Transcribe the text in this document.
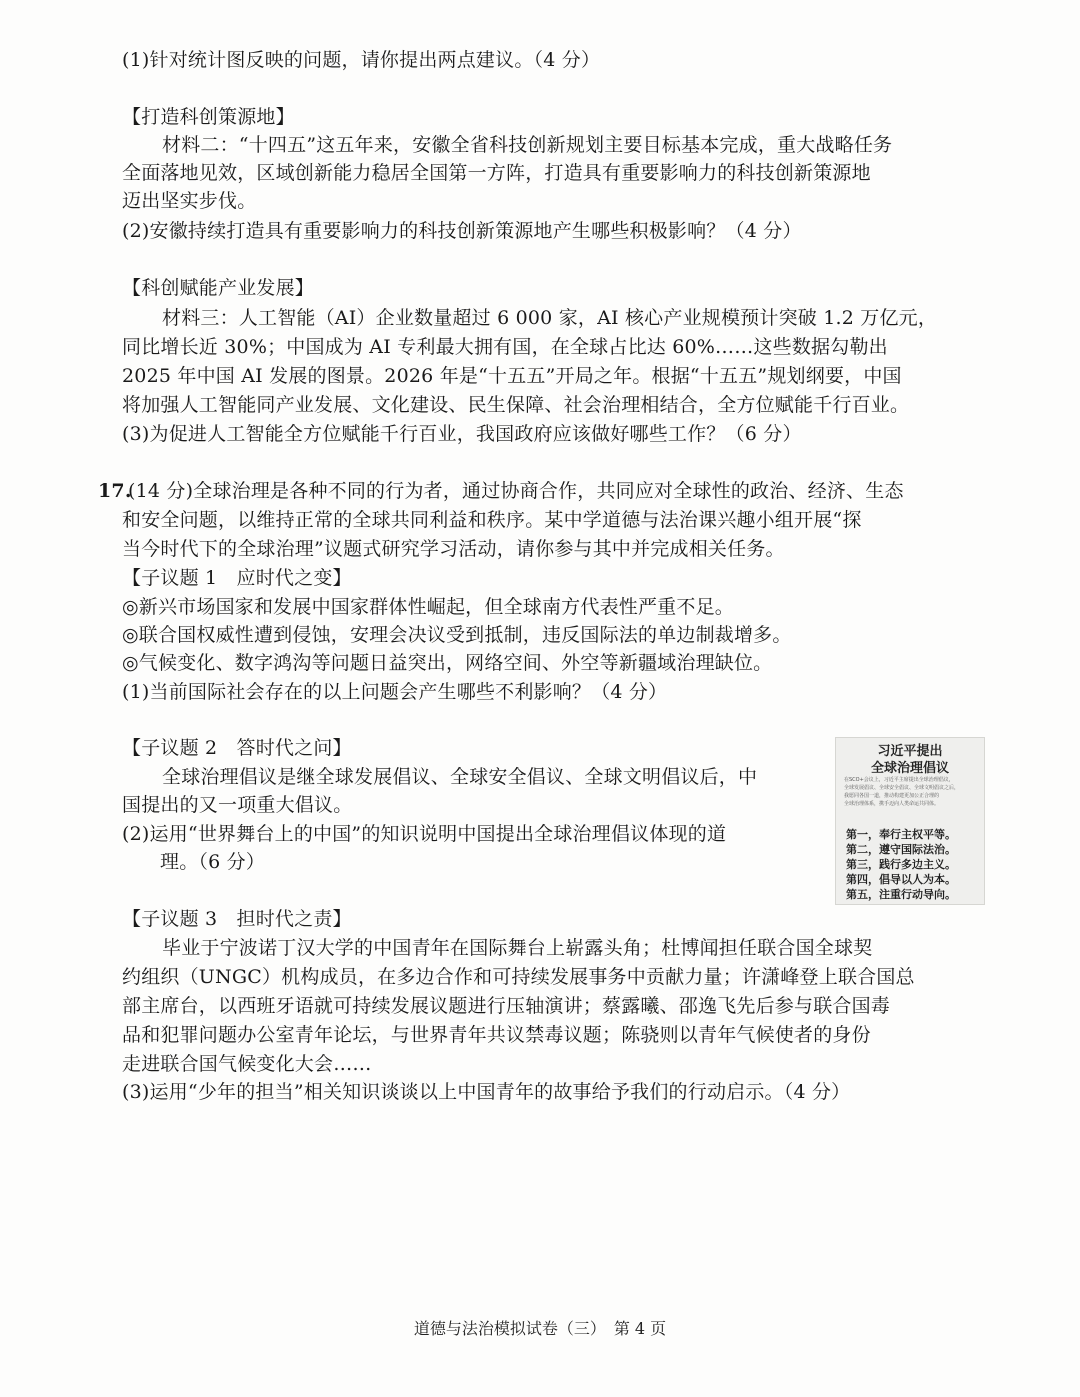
(1)针对统计图反映的问题，请你提出两点建议。（4 分）
【打造科创策源地】
材料二：“十四五”这五年来，安徽全省科技创新规划主要目标基本完成，重大战略任务
全面落地见效，区域创新能力稳居全国第一方阵，打造具有重要影响力的科技创新策源地
迈出坚实步伐。
(2)安徽持续打造具有重要影响力的科技创新策源地产生哪些积极影响？（4 分）
【科创赋能产业发展】
材料三：人工智能（AI）企业数量超过 6 000 家，AI 核心产业规模预计突破 1.2 万亿元，
同比增长近 30%；中国成为 AI 专利最大拥有国，在全球占比达 60%……这些数据勾勒出
2025 年中国 AI 发展的图景。2026 年是“十五五”开局之年。根据“十五五”规划纲要，中国
将加强人工智能同产业发展、文化建设、民生保障、社会治理相结合，全方位赋能千行百业。
(3)为促进人工智能全方位赋能千行百业，我国政府应该做好哪些工作？（6 分）
17.
(14 分)全球治理是各种不同的行为者，通过协商合作，共同应对全球性的政治、经济、生态
和安全问题，以维持正常的全球共同利益和秩序。某中学道德与法治课兴趣小组开展“探
当今时代下的全球治理”议题式研究学习活动，请你参与其中并完成相关任务。
【子议题 1　应时代之变】
◎新兴市场国家和发展中国家群体性崛起，但全球南方代表性严重不足。
◎联合国权威性遭到侵蚀，安理会决议受到抵制，违反国际法的单边制裁增多。
◎气候变化、数字鸿沟等问题日益突出，网络空间、外空等新疆域治理缺位。
(1)当前国际社会存在的以上问题会产生哪些不利影响？（4 分）
【子议题 2　答时代之问】
全球治理倡议是继全球发展倡议、全球安全倡议、全球文明倡议后，中
国提出的又一项重大倡议。
(2)运用“世界舞台上的中国”的知识说明中国提出全球治理倡议体现的道
理。（6 分）
习近平提出
全球治理倡议
在SCO+会议上，习近平主席提出全球治理倡议，
全球发展倡议、全球安全倡议、全球文明倡议之后，
我愿同各国一道，推动构建更加公正合理的
全球治理体系，携手迈向人类命运共同体。
第一，奉行主权平等。
第二，遵守国际法治。
第三，践行多边主义。
第四，倡导以人为本。
第五，注重行动导向。
【子议题 3　担时代之责】
毕业于宁波诺丁汉大学的中国青年在国际舞台上崭露头角；杜博闻担任联合国全球契
约组织（UNGC）机构成员，在多边合作和可持续发展事务中贡献力量；许潇峰登上联合国总
部主席台，以西班牙语就可持续发展议题进行压轴演讲；蔡露曦、邵逸飞先后参与联合国毒
品和犯罪问题办公室青年论坛，与世界青年共议禁毒议题；陈骁则以青年气候使者的身份
走进联合国气候变化大会……
(3)运用“少年的担当”相关知识谈谈以上中国青年的故事给予我们的行动启示。（4 分）
道德与法治模拟试卷（三）　第 4 页
